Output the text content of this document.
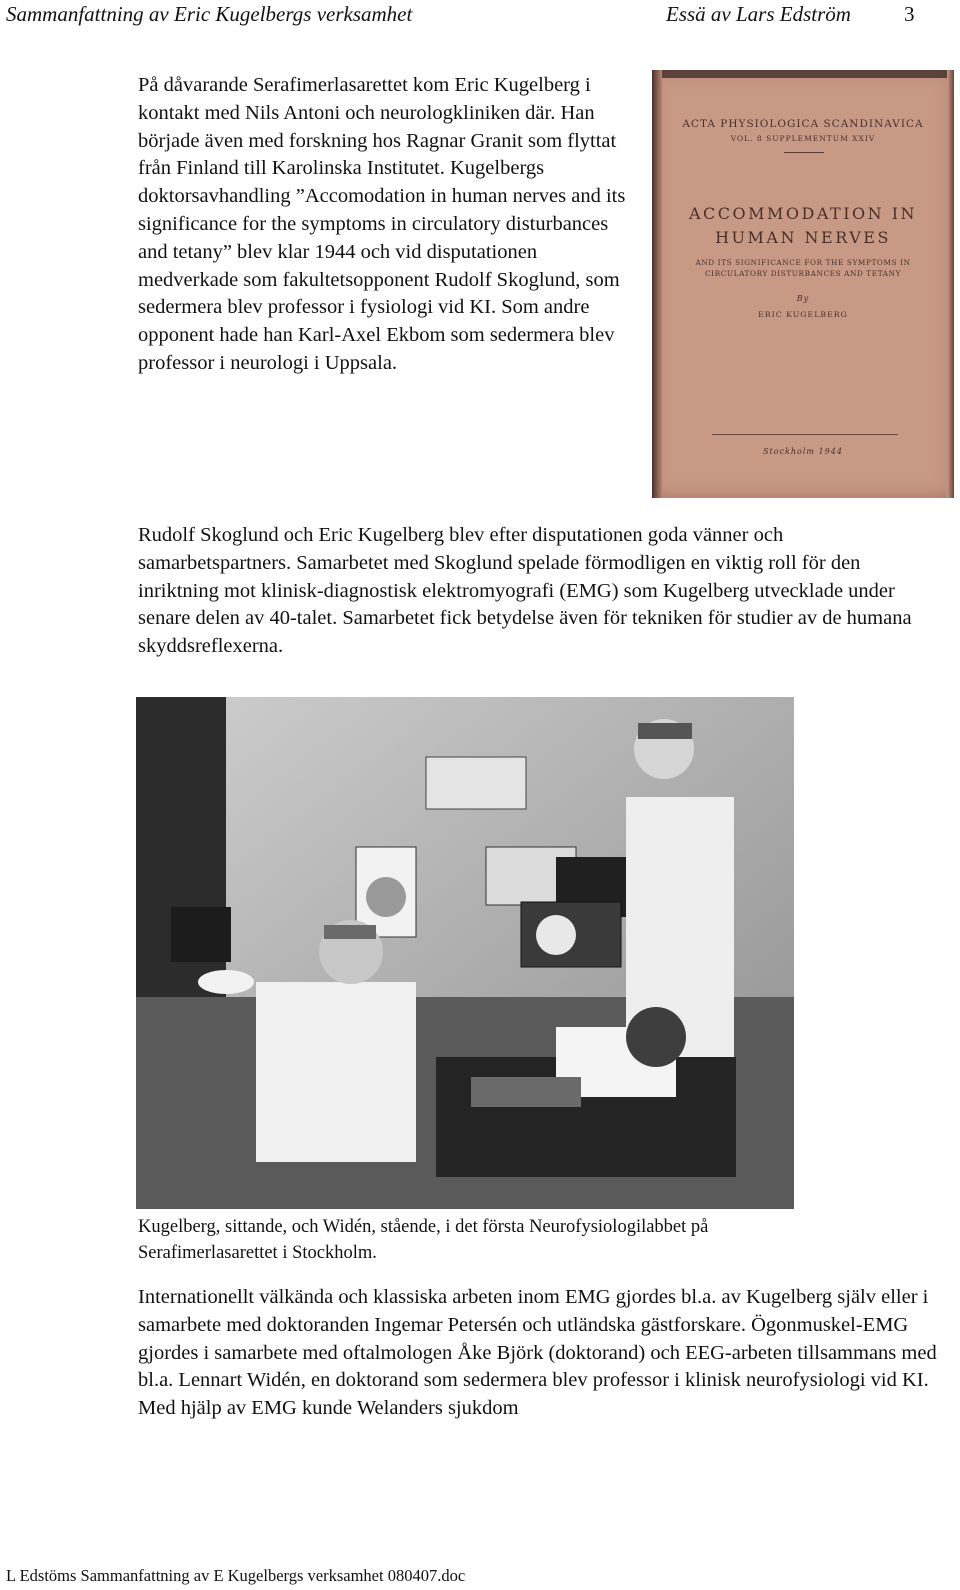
Sammanfattning av Eric Kugelbergs verksamhet	Essä av Lars Edström	3

På dåvarande Serafimerlasarettet kom Eric Kugelberg i kontakt med Nils Antoni och neurologkliniken där. Han började även med forskning hos Ragnar Granit som flyttat från Finland till Karolinska Institutet. Kugelbergs doktorsavhandling ”Accomodation in human nerves and its significance for the symptoms in circulatory disturbances and tetany” blev klar 1944 och vid disputationen medverkade som fakultetsopponent Rudolf Skoglund, som sedermera blev professor i fysiologi vid KI. Som andre opponent hade han Karl-Axel Ekbom som sedermera blev professor i neurologi i Uppsala.

ACTA PHYSIOLOGICA SCANDINAVICA
VOL. 8 SUPPLEMENTUM XXIV
ACCOMMODATION IN
HUMAN NERVES
AND ITS SIGNIFICANCE FOR THE SYMPTOMS IN
CIRCULATORY DISTURBANCES AND TETANY
By
ERIC KUGELBERG
Stockholm 1944

Rudolf Skoglund och Eric Kugelberg blev efter disputationen goda vänner och samarbetspartners. Samarbetet med Skoglund spelade förmodligen en viktig roll för den inriktning mot klinisk-diagnostisk elektromyografi (EMG) som Kugelberg utvecklade under senare delen av 40-talet. Samarbetet fick betydelse även för tekniken för studier av de humana skyddsreflexerna.

Kugelberg, sittande, och Widén, stående, i det första Neurofysiologilabbet på Serafimerlasarettet i Stockholm.

Internationellt välkända och klassiska arbeten inom EMG gjordes bl.a. av Kugelberg själv eller i samarbete med doktoranden Ingemar Petersén och utländska gästforskare. Ögonmuskel-EMG gjordes i samarbete med oftalmologen Åke Björk (doktorand) och EEG-arbeten tillsammans med bl.a. Lennart Widén, en doktorand som sedermera blev professor i klinisk neurofysiologi vid KI. Med hjälp av EMG kunde Welanders sjukdom

L Edstöms Sammanfattning av E Kugelbergs verksamhet 080407.doc
